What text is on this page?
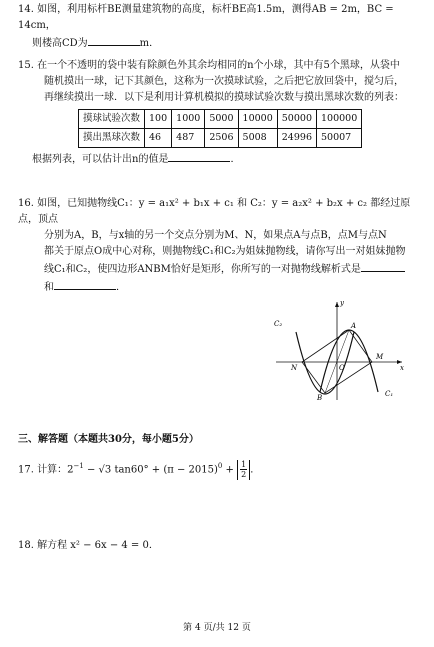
14. 如图，利用标杆BE测量建筑物的高度，标杆BE高1.5m，测得AB = 2m，BC = 14cm，
则楼高CD为	m．
15. 在一个不透明的袋中装有除颜色外其余均相同的n个小球，其中有5个黑球，从袋中
随机摸出一球，记下其颜色，这称为一次摸球试验，之后把它放回袋中，搅匀后，
再继续摸出一球．以下是利用计算机模拟的摸球试验次数与摸出黑球次数的列表：
摸球试验次数	100	1000	5000	10000	50000	100000
摸出黑球次数	46	487	2506	5008	24996	50007
根据列表，可以估计出n的值是	．
16. 如图，已知抛物线C₁：y = a₁x² + b₁x + c₁ 和 C₂：y = a₂x² + b₂x + c₂ 都经过原点，顶点
分别为A，B，与x轴的另一个交点分别为M、N，如果点A与点B，点M与点N
都关于原点O成中心对称，则抛物线C₁和C₂为姐妹抛物线，请你写出一对姐妹抛物
线C₁和C₂，使四边形ANBM恰好是矩形，你所写的一对抛物线解析式是
和	．
y
x
C₂
C₁
A
B
M
N	O
三、解答题（本题共30分，每小题5分）
17. 计算：$2^{-1} - √3$ $\tan 60^\circ + (\pi - 2015)^0 + \frac{1}{2}$ ．
18. 解方程 x² − 6x − 4 = 0．
第 4 页/共 12 页
